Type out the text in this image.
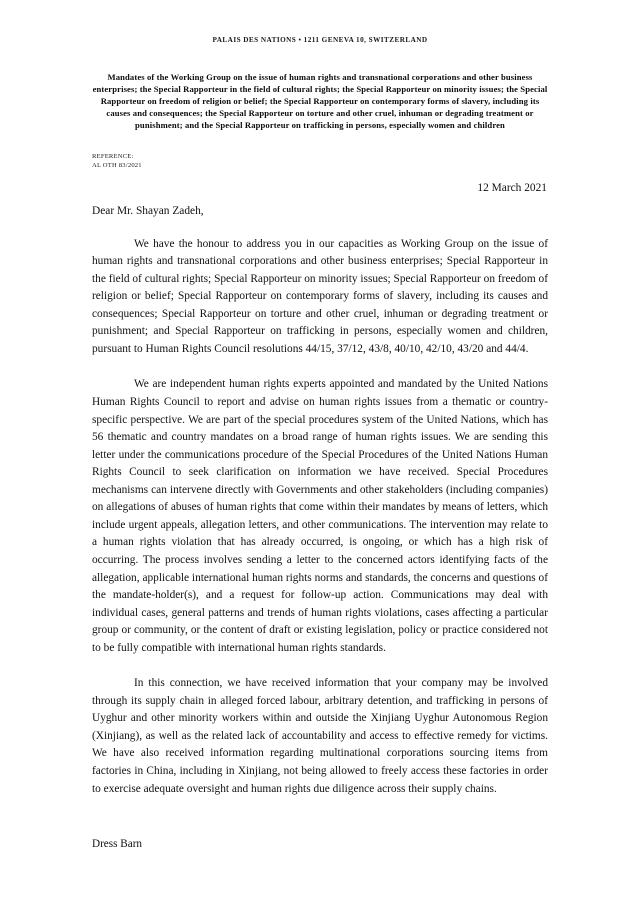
PALAIS DES NATIONS • 1211 GENEVA 10, SWITZERLAND
Mandates of the Working Group on the issue of human rights and transnational corporations and other business enterprises; the Special Rapporteur in the field of cultural rights; the Special Rapporteur on minority issues; the Special Rapporteur on freedom of religion or belief; the Special Rapporteur on contemporary forms of slavery, including its causes and consequences; the Special Rapporteur on torture and other cruel, inhuman or degrading treatment or punishment; and the Special Rapporteur on trafficking in persons, especially women and children
REFERENCE:
AL OTH 83/2021
12 March 2021
Dear Mr. Shayan Zadeh,

We have the honour to address you in our capacities as Working Group on the issue of human rights and transnational corporations and other business enterprises; Special Rapporteur in the field of cultural rights; Special Rapporteur on minority issues; Special Rapporteur on freedom of religion or belief; Special Rapporteur on contemporary forms of slavery, including its causes and consequences; Special Rapporteur on torture and other cruel, inhuman or degrading treatment or punishment; and Special Rapporteur on trafficking in persons, especially women and children, pursuant to Human Rights Council resolutions 44/15, 37/12, 43/8, 40/10, 42/10, 43/20 and 44/4.

We are independent human rights experts appointed and mandated by the United Nations Human Rights Council to report and advise on human rights issues from a thematic or country-specific perspective. We are part of the special procedures system of the United Nations, which has 56 thematic and country mandates on a broad range of human rights issues. We are sending this letter under the communications procedure of the Special Procedures of the United Nations Human Rights Council to seek clarification on information we have received. Special Procedures mechanisms can intervene directly with Governments and other stakeholders (including companies) on allegations of abuses of human rights that come within their mandates by means of letters, which include urgent appeals, allegation letters, and other communications. The intervention may relate to a human rights violation that has already occurred, is ongoing, or which has a high risk of occurring. The process involves sending a letter to the concerned actors identifying facts of the allegation, applicable international human rights norms and standards, the concerns and questions of the mandate-holder(s), and a request for follow-up action. Communications may deal with individual cases, general patterns and trends of human rights violations, cases affecting a particular group or community, or the content of draft or existing legislation, policy or practice considered not to be fully compatible with international human rights standards.

In this connection, we have received information that your company may be involved through its supply chain in alleged forced labour, arbitrary detention, and trafficking in persons of Uyghur and other minority workers within and outside the Xinjiang Uyghur Autonomous Region (Xinjiang), as well as the related lack of accountability and access to effective remedy for victims. We have also received information regarding multinational corporations sourcing items from factories in China, including in Xinjiang, not being allowed to freely access these factories in order to exercise adequate oversight and human rights due diligence across their supply chains.

Dress Barn
